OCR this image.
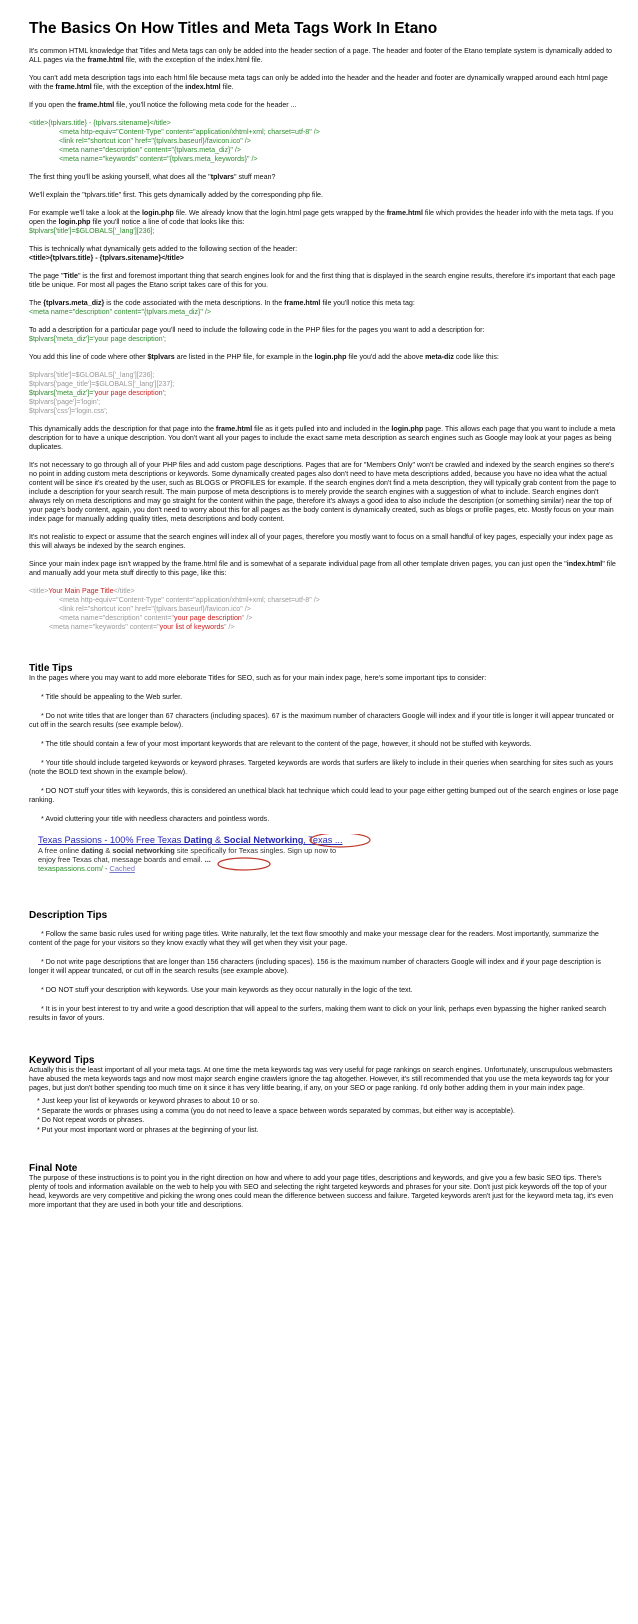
The Basics On How Titles and Meta Tags Work In Etano

It's common HTML knowledge that Titles and Meta tags can only be added into the header section of a page. The header and footer of the Etano template system is dynamically added to ALL pages via the frame.html file, with the exception of the index.html file.

You can't add meta description tags into each html file because meta tags can only be added into the header and the header and footer are dynamically wrapped around each html page with the frame.html file, with the exception of the index.html file.

If you open the frame.html file, you'll notice the following meta code for the header ...

<title>{tplvars.title} - {tplvars.sitename}</title>
<meta http-equiv="Content-Type" content="application/xhtml+xml; charset=utf-8" />
<link rel="shortcut icon" href="{tplvars.baseurl}/favicon.ico" />
<meta name="description" content="{tplvars.meta_diz}" />
<meta name="keywords" content="{tplvars.meta_keywords}" />

The first thing you'll be asking yourself, what does all the "tplvars" stuff mean?

We'll explain the "tplvars.title" first. This gets dynamically added by the corresponding php file.

For example we'll take a look at the login.php file. We already know that the login.html page gets wrapped by the frame.html file which provides the header info with the meta tags. If you open the login.php file you'll notice a line of code that looks like this:
$tplvars['title']=$GLOBALS['_lang'][236];

This is technically what dynamically gets added to the following section of the header:
<title>{tplvars.title} - {tplvars.sitename}</title>

The page "Title" is the first and foremost important thing that search engines look for and the first thing that is displayed in the search engine results, therefore it's important that each page title be unique. For most all pages the Etano script takes care of this for you.

The {tplvars.meta_diz} is the code associated with the meta descriptions. In the frame.html file you'll notice this meta tag:
<meta name="description" content="{tplvars.meta_diz}" />

To add a description for a particular page you'll need to include the following code in the PHP files for the pages you want to add a description for:
$tplvars['meta_diz']='your page description';

You add this line of code where other $tplvars are listed in the PHP file, for example in the login.php file you'd add the above meta-diz code like this:

$tplvars['title']=$GLOBALS['_lang'][236];
$tplvars['page_title']=$GLOBALS['_lang'][237];
$tplvars['meta_diz']='your page description';
$tplvars['page']='login';
$tplvars['css']='login.css';

This dynamically adds the description for that page into the frame.html file as it gets pulled into and included in the login.php page. This allows each page that you want to include a meta description for to have a unique description. You don't want all your pages to include the exact same meta description as search engines such as Google may look at your pages as being duplicates.

It's not necessary to go through all of your PHP files and add custom page descriptions. Pages that are for "Members Only" won't be crawled and indexed by the search engines so there's no point in adding custom meta descriptions or keywords. Some dynamically created pages also don't need to have meta descriptions added, because you have no idea what the actual content will be since it's created by the user, such as BLOGS or PROFILES for example. If the search engines don't find a meta description, they will typically grab content from the page to include a description for your search result. The main purpose of meta descriptions is to merely provide the search engines with a suggestion of what to include. Search engines don't always rely on meta descriptions and may go straight for the content within the page, therefore it's always a good idea to also include the description (or something similar) near the top of your page's body content, again, you don't need to worry about this for all pages as the body content is dynamically created, such as blogs or profile pages, etc. Mostly focus on your main index page for manually adding quality titles, meta descriptions and body content.

It's not realistic to expect or assume that the search engines will index all of your pages, therefore you mostly want to focus on a small handful of key pages, especially your index page as this will always be indexed by the search engines.

Since your main index page isn't wrapped by the frame.html file and is somewhat of a separate individual page from all other template driven pages, you can just open the "index.html" file and manually add your meta stuff directly to this page, like this:

<title>Your Main Page Title</title>
<meta http-equiv="Content-Type" content="application/xhtml+xml; charset=utf-8" />
<link rel="shortcut icon" href="{tplvars.baseurl}/favicon.ico" />
<meta name="description" content="your page description" />
<meta name="keywords" content="your list of keywords" />
Title Tips

In the pages where you may want to add more eleborate Titles for SEO, such as for your main index page, here's some important tips to consider:

* Title should be appealing to the Web surfer.

* Do not write titles that are longer than 67 characters (including spaces). 67 is the maximum number of characters Google will index and if your title is longer it will appear truncated or cut off in the search results (see example below).

* The title should contain a few of your most important keywords that are relevant to the content of the page, however, it should not be stuffed with keywords.

* Your title should include targeted keywords or keyword phrases. Targeted keywords are words that surfers are likely to include in their queries when searching for sites such as yours (note the BOLD text shown in the example below).

* DO NOT stuff your titles with keywords, this is considered an unethical black hat technique which could lead to your page either getting bumped out of the search engines or lose page ranking.

* Avoid cluttering your title with needless characters and pointless words.

Texas Passions - 100% Free Texas Dating & Social Networking, Texas ...
A free online dating & social networking site specifically for Texas singles. Sign up now to
enjoy free Texas chat, message boards and email. ...
texaspassions.com/ - Cached
Description Tips

* Follow the same basic rules used for writing page titles. Write naturally, let the text flow smoothly and make your message clear for the readers. Most importantly, summarize the content of the page for your visitors so they know exactly what they will get when they visit your page.

* Do not write page descriptions that are longer than 156 characters (including spaces). 156 is the maximum number of characters Google will index and if your page description is longer it will appear truncated, or cut off in the search results (see example above).

* DO NOT stuff your description with keywords. Use your main keywords as they occur naturally in the logic of the text.

* It is in your best interest to try and write a good description that will appeal to the surfers, making them want to click on your link, perhaps even bypassing the higher ranked search results in favor of yours.

Keyword Tips

Actually this is the least important of all your meta tags. At one time the meta keywords tag was very useful for page rankings on search engines. Unfortunately, unscrupulous webmasters have abused the meta keywords tags and now most major search engine crawlers ignore the tag altogether. However, it's still recommended that you use the meta keywords tag for your pages, but just don't bother spending too much time on it since it has very little bearing, if any, on your SEO or page ranking. I'd only bother adding them in your main index page.

* Just keep your list of keywords or keyword phrases to about 10 or so.
* Separate the words or phrases using a comma (you do not need to leave a space between words separated by commas, but either way is acceptable).
* Do Not repeat words or phrases.
* Put your most important word or phrases at the beginning of your list.
Final Note

The purpose of these instructions is to point you in the right direction on how and where to add your page titles, descriptions and keywords, and give you a few basic SEO tips. There's plenty of tools and information available on the web to help you with SEO and selecting the right targeted keywords and phrases for your site. Don't just pick keywords off the top of your head, keywords are very competitive and picking the wrong ones could mean the difference between success and failure. Targeted keywords aren't just for the keyword meta tag, it's even more important that they are used in both your title and descriptions.
